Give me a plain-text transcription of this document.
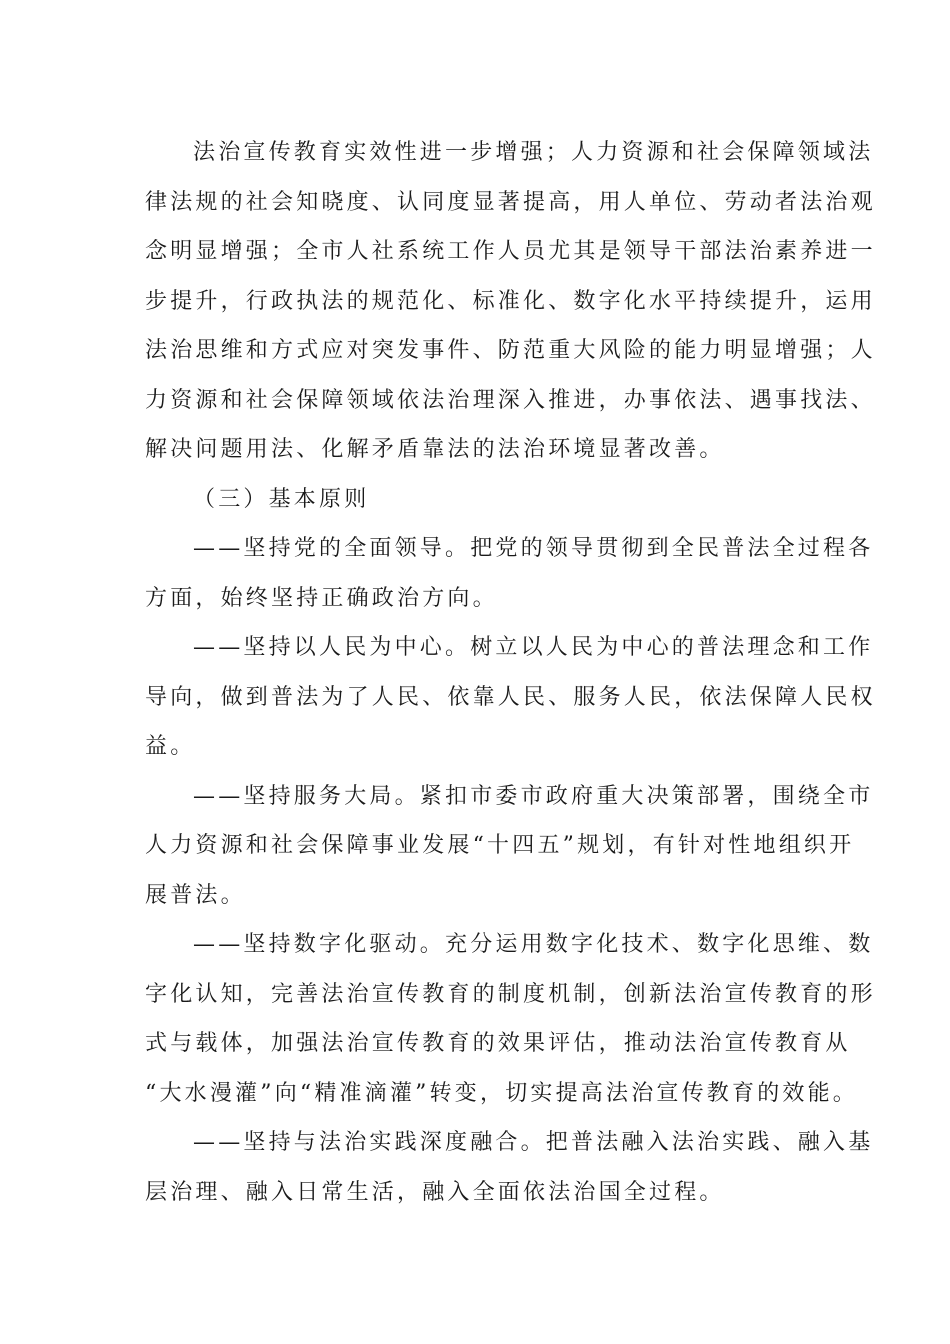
法治宣传教育实效性进一步增强；人力资源和社会保障领域法
律法规的社会知晓度、认同度显著提高，用人单位、劳动者法治观
念明显增强；全市人社系统工作人员尤其是领导干部法治素养进一
步提升，行政执法的规范化、标准化、数字化水平持续提升，运用
法治思维和方式应对突发事件、防范重大风险的能力明显增强；人
力资源和社会保障领域依法治理深入推进，办事依法、遇事找法、
解决问题用法、化解矛盾靠法的法治环境显著改善。
（三）基本原则
——坚持党的全面领导。把党的领导贯彻到全民普法全过程各
方面，始终坚持正确政治方向。
——坚持以人民为中心。树立以人民为中心的普法理念和工作
导向，做到普法为了人民、依靠人民、服务人民，依法保障人民权
益。
——坚持服务大局。紧扣市委市政府重大决策部署，围绕全市
人力资源和社会保障事业发展“十四五”规划，有针对性地组织开
展普法。
——坚持数字化驱动。充分运用数字化技术、数字化思维、数
字化认知，完善法治宣传教育的制度机制，创新法治宣传教育的形
式与载体，加强法治宣传教育的效果评估，推动法治宣传教育从
“大水漫灌”向“精准滴灌”转变，切实提高法治宣传教育的效能。
——坚持与法治实践深度融合。把普法融入法治实践、融入基
层治理、融入日常生活，融入全面依法治国全过程。
